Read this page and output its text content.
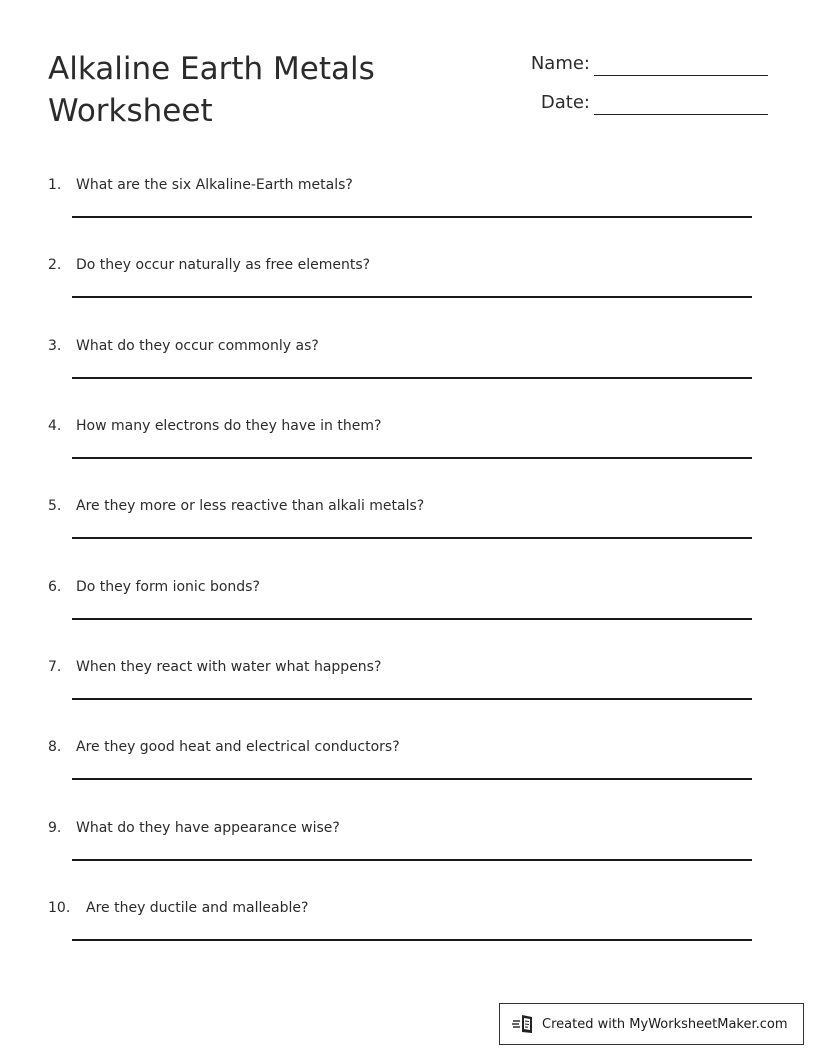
Alkaline Earth Metals
Worksheet
Name:
Date:
1. What are the six Alkaline-Earth metals?
2. Do they occur naturally as free elements?
3. What do they occur commonly as?
4. How many electrons do they have in them?
5. Are they more or less reactive than alkali metals?
6. Do they form ionic bonds?
7. When they react with water what happens?
8. Are they good heat and electrical conductors?
9. What do they have appearance wise?
10. Are they ductile and malleable?
Created with MyWorksheetMaker.com
